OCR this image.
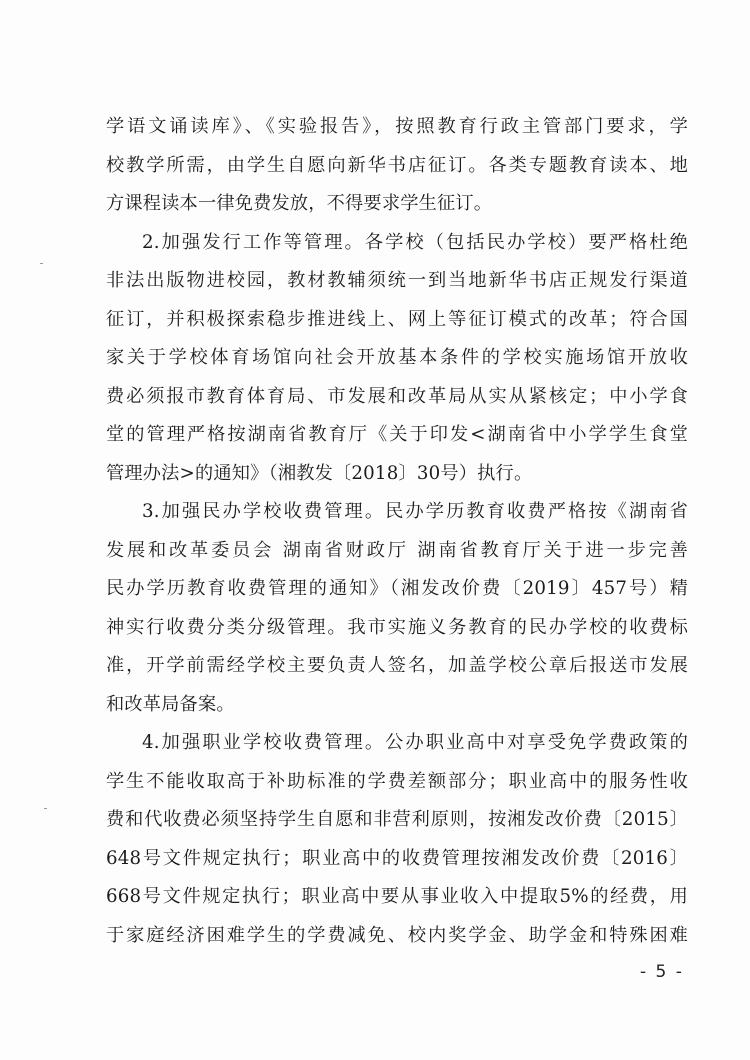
学语文诵读库》、《实验报告》，按照教育行政主管部门要求，学
校教学所需，由学生自愿向新华书店征订。各类专题教育读本、地
方课程读本一律免费发放，不得要求学生征订。
2.加强发行工作等管理。各学校（包括民办学校）要严格杜绝
非法出版物进校园，教材教辅须统一到当地新华书店正规发行渠道
征订，并积极探索稳步推进线上、网上等征订模式的改革；符合国
家关于学校体育场馆向社会开放基本条件的学校实施场馆开放收
费必须报市教育体育局、市发展和改革局从实从紧核定；中小学食
堂的管理严格按湖南省教育厅《关于印发<湖南省中小学学生食堂
管理办法>的通知》（湘教发〔2018〕30号）执行。
3.加强民办学校收费管理。民办学历教育收费严格按《湖南省
发展和改革委员会 湖南省财政厅 湖南省教育厅关于进一步完善
民办学历教育收费管理的通知》（湘发改价费〔2019〕457号）精
神实行收费分类分级管理。我市实施义务教育的民办学校的收费标
准，开学前需经学校主要负责人签名，加盖学校公章后报送市发展
和改革局备案。
4.加强职业学校收费管理。公办职业高中对享受免学费政策的
学生不能收取高于补助标准的学费差额部分；职业高中的服务性收
费和代收费必须坚持学生自愿和非营利原则，按湘发改价费〔2015〕
648号文件规定执行；职业高中的收费管理按湘发改价费〔2016〕
668号文件规定执行；职业高中要从事业收入中提取5%的经费，用
于家庭经济困难学生的学费减免、校内奖学金、助学金和特殊困难
- 5 -
